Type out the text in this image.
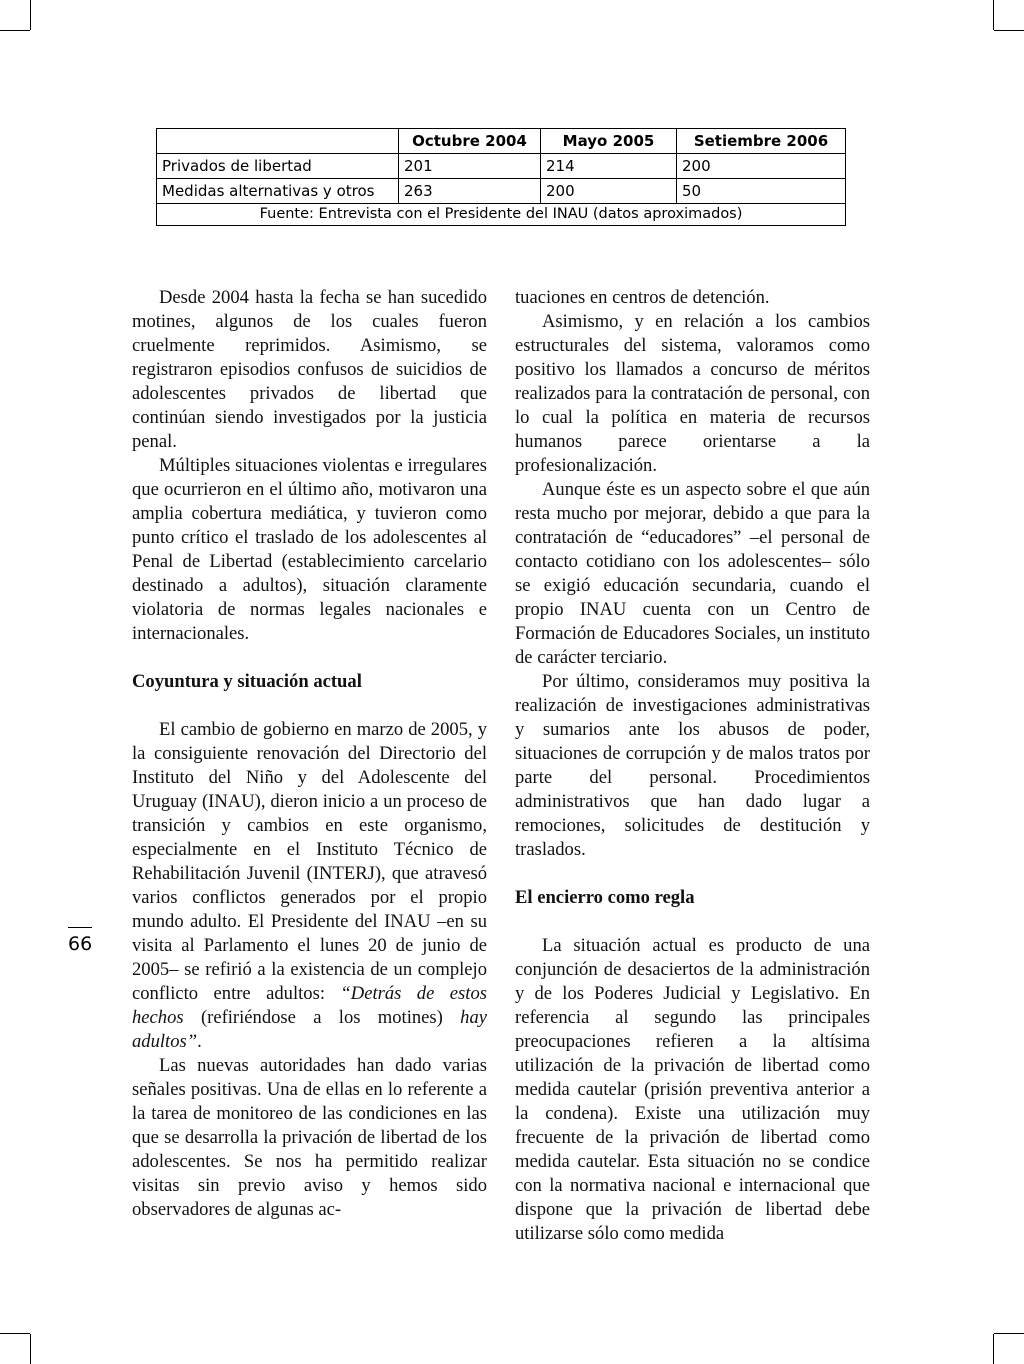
	Octubre 2004	Mayo 2005	Setiembre 2006
Privados de libertad	201	214	200
Medidas alternativas y otros	263	200	50
Fuente: Entrevista con el Presidente del INAU (datos aproximados)			

Desde 2004 hasta la fecha se han sucedido motines, algunos de los cuales fueron cruelmente reprimidos. Asimismo, se registraron episodios confusos de suicidios de adolescentes privados de libertad que continúan siendo investigados por la justicia penal.

Múltiples situaciones violentas e irregulares que ocurrieron en el último año, motivaron una amplia cobertura mediática, y tuvieron como punto crítico el traslado de los adolescentes al Penal de Libertad (establecimiento carcelario destinado a adultos), situación claramente violatoria de normas legales nacionales e internacionales.

Coyuntura y situación actual

El cambio de gobierno en marzo de 2005, y la consiguiente renovación del Directorio del Instituto del Niño y del Adolescente del Uruguay (INAU), dieron inicio a un proceso de transición y cambios en este organismo, especialmente en el Instituto Técnico de Rehabilitación Juvenil (INTERJ), que atravesó varios conflictos generados por el propio mundo adulto. El Presidente del INAU –en su visita al Parlamento el lunes 20 de junio de 2005– se refirió a la existencia de un complejo conflicto entre adultos: “Detrás de estos hechos (refiriéndose a los motines) hay adultos”.

Las nuevas autoridades han dado varias señales positivas. Una de ellas en lo referente a la tarea de monitoreo de las condiciones en las que se desarrolla la privación de libertad de los adolescentes. Se nos ha permitido realizar visitas sin previo aviso y hemos sido observadores de algunas ac-

tuaciones en centros de detención.

Asimismo, y en relación a los cambios estructurales del sistema, valoramos como positivo los llamados a concurso de méritos realizados para la contratación de personal, con lo cual la política en materia de recursos humanos parece orientarse a la profesionalización.

Aunque éste es un aspecto sobre el que aún resta mucho por mejorar, debido a que para la contratación de “educadores” –el personal de contacto cotidiano con los adolescentes– sólo se exigió educación secundaria, cuando el propio INAU cuenta con un Centro de Formación de Educadores Sociales, un instituto de carácter terciario.

Por último, consideramos muy positiva la realización de investigaciones administrativas y sumarios ante los abusos de poder, situaciones de corrupción y de malos tratos por parte del personal. Procedimientos administrativos que han dado lugar a remociones, solicitudes de destitución y traslados.

El encierro como regla

La situación actual es producto de una conjunción de desaciertos de la administración y de los Poderes Judicial y Legislativo. En referencia al segundo las principales preocupaciones refieren a la altísima utilización de la privación de libertad como medida cautelar (prisión preventiva anterior a la condena). Existe una utilización muy frecuente de la privación de libertad como medida cautelar. Esta situación no se condice con la normativa nacional e internacional que dispone que la privación de libertad debe utilizarse sólo como medida

66
